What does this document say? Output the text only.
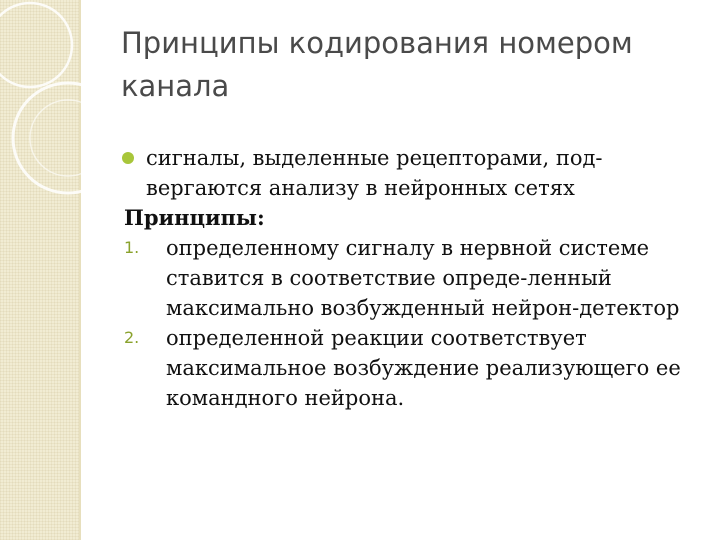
Принципы кодирования номером канала
сигналы, выделенные рецепторами, под-вергаются анализу в нейронных сетях
Принципы:
1.	определенному сигналу в нервной системе ставится в соответствие опреде-ленный максимально возбужденный нейрон-детектор
2.	определенной реакции соответствует максимальное возбуждение реализующего ее командного нейрона.
